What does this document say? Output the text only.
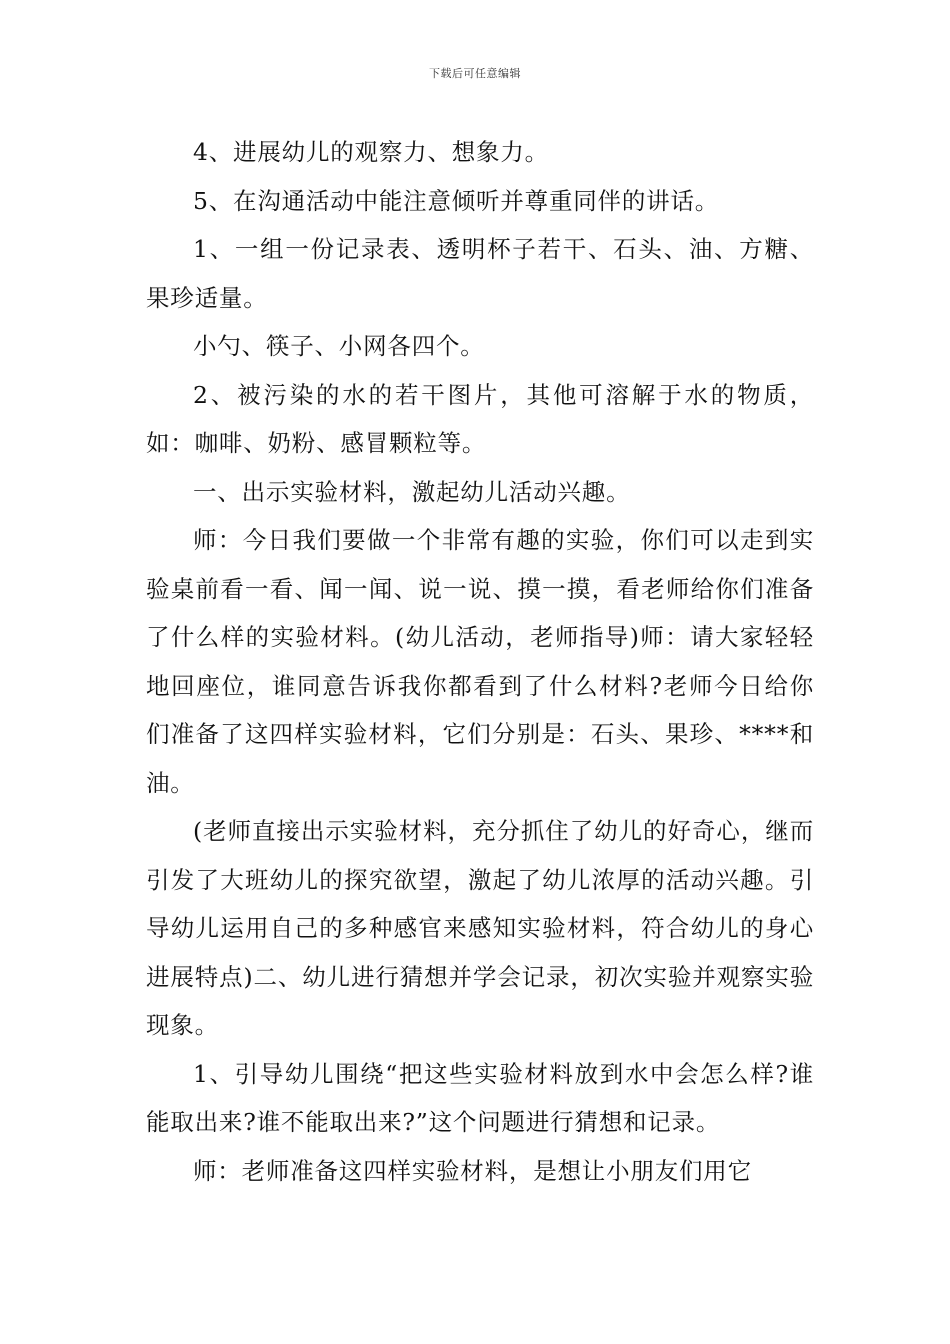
下载后可任意编辑

4、进展幼儿的观察力、想象力。

5、在沟通活动中能注意倾听并尊重同伴的讲话。

1、一组一份记录表、透明杯子若干、石头、油、方糖、果珍适量。

小勺、筷子、小网各四个。

2、被污染的水的若干图片，其他可溶解于水的物质，如：咖啡、奶粉、感冒颗粒等。

一、出示实验材料，激起幼儿活动兴趣。

师：今日我们要做一个非常有趣的实验，你们可以走到实验桌前看一看、闻一闻、说一说、摸一摸，看老师给你们准备了什么样的实验材料。(幼儿活动，老师指导)师：请大家轻轻地回座位，谁同意告诉我你都看到了什么材料?老师今日给你们准备了这四样实验材料，它们分别是：石头、果珍、****和油。

(老师直接出示实验材料，充分抓住了幼儿的好奇心，继而引发了大班幼儿的探究欲望，激起了幼儿浓厚的活动兴趣。引导幼儿运用自己的多种感官来感知实验材料，符合幼儿的身心进展特点)二、幼儿进行猜想并学会记录，初次实验并观察实验现象。

1、引导幼儿围绕“把这些实验材料放到水中会怎么样?谁能取出来?谁不能取出来?”这个问题进行猜想和记录。

师：老师准备这四样实验材料，是想让小朋友们用它
